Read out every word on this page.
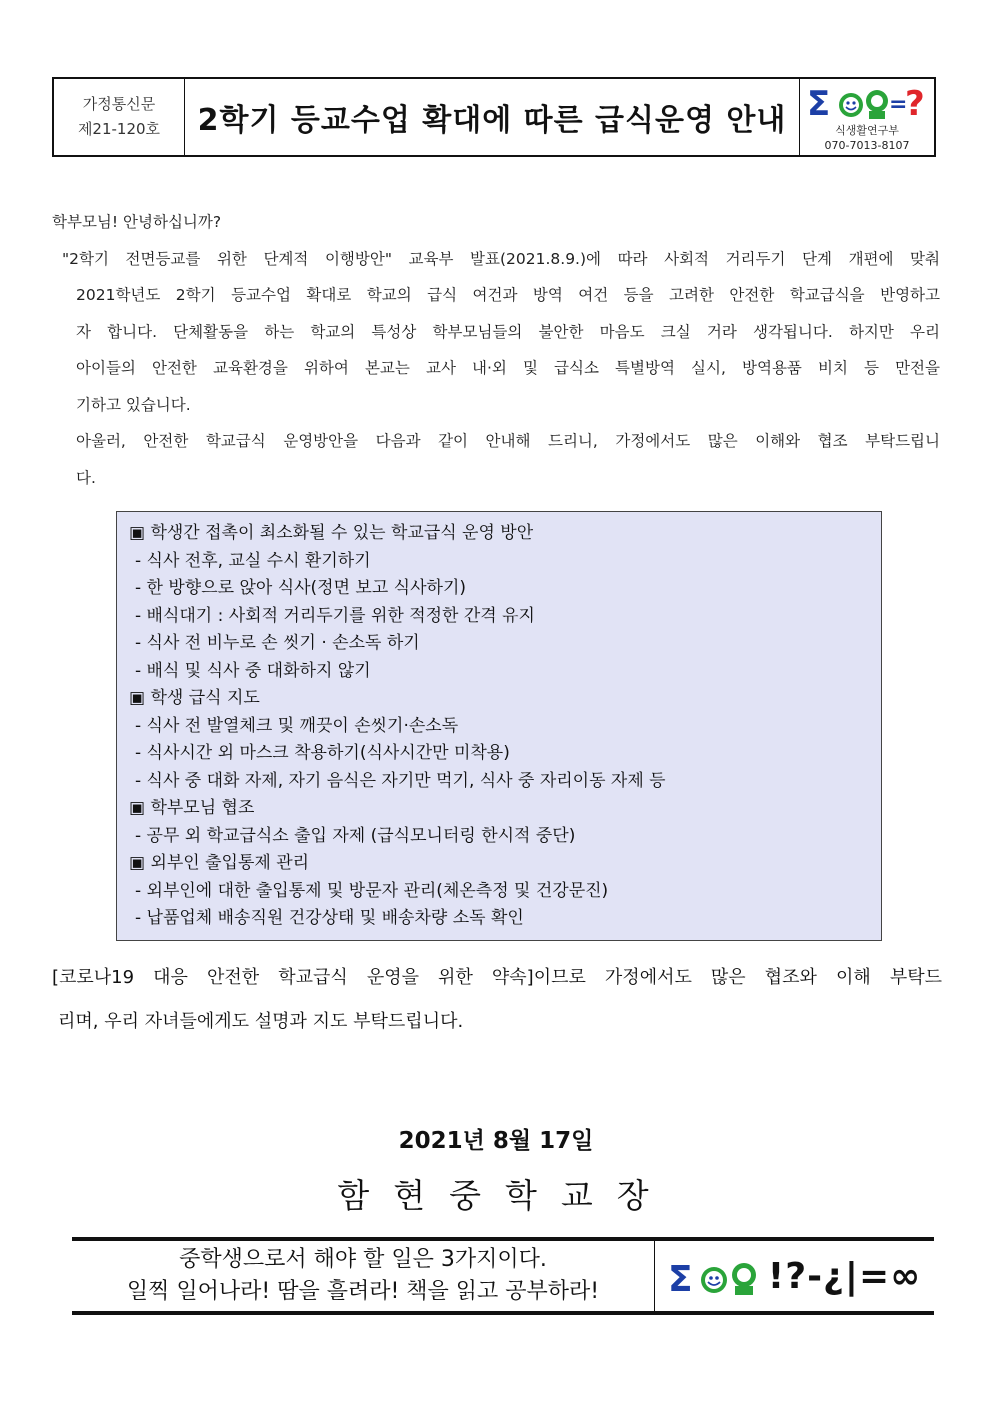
가정통신문
제21-120호	2학기 등교수업 확대에 따른 급식운영 안내 Σ	=
?
식생활연구부
070-7013-8107
학부모님! 안녕하십니까?
"2학기 전면등교를 위한 단계적 이행방안" 교육부 발표(2021.8.9.)에 따라 사회적 거리두기 단계 개편에 맞춰
2021학년도 2학기 등교수업 확대로 학교의 급식 여건과 방역 여건 등을 고려한 안전한 학교급식을 반영하고
자 합니다. 단체활동을 하는 학교의 특성상 학부모님들의 불안한 마음도 크실 거라 생각됩니다. 하지만 우리
아이들의 안전한 교육환경을 위하여 본교는 교사 내·외 및 급식소 특별방역 실시, 방역용품 비치 등 만전을
기하고 있습니다.
아울러, 안전한 학교급식 운영방안을 다음과 같이 안내해 드리니, 가정에서도 많은 이해와 협조 부탁드립니
다.
▣ 학생간 접촉이 최소화될 수 있는 학교급식 운영 방안
- 식사 전후, 교실 수시 환기하기
- 한 방향으로 앉아 식사(정면 보고 식사하기)
- 배식대기 : 사회적 거리두기를 위한 적정한 간격 유지
- 식사 전 비누로 손 씻기 · 손소독 하기
- 배식 및 식사 중 대화하지 않기
▣ 학생 급식 지도
- 식사 전 발열체크 및 깨끗이 손씻기·손소독
- 식사시간 외 마스크 착용하기(식사시간만 미착용)
- 식사 중 대화 자제, 자기 음식은 자기만 먹기, 식사 중 자리이동 자제 등
▣ 학부모님 협조
- 공무 외 학교급식소 출입 자제 (급식모니터링 한시적 중단)
▣ 외부인 출입통제 관리
- 외부인에 대한 출입통제 및 방문자 관리(체온측정 및 건강문진)
- 납품업체 배송직원 건강상태 및 배송차량 소독 확인
[코로나19 대응 안전한 학교급식 운영을 위한 약속]이므로 가정에서도 많은 협조와 이해 부탁드
리며, 우리 자녀들에게도 설명과 지도 부탁드립니다.
2021년 8월 17일
함현중학교장
중학생으로서 해야 할 일은 3가지이다.
일찍 일어나라! 땀을 흘려라! 책을 읽고 공부하라! Σ !?-¿|=∞
